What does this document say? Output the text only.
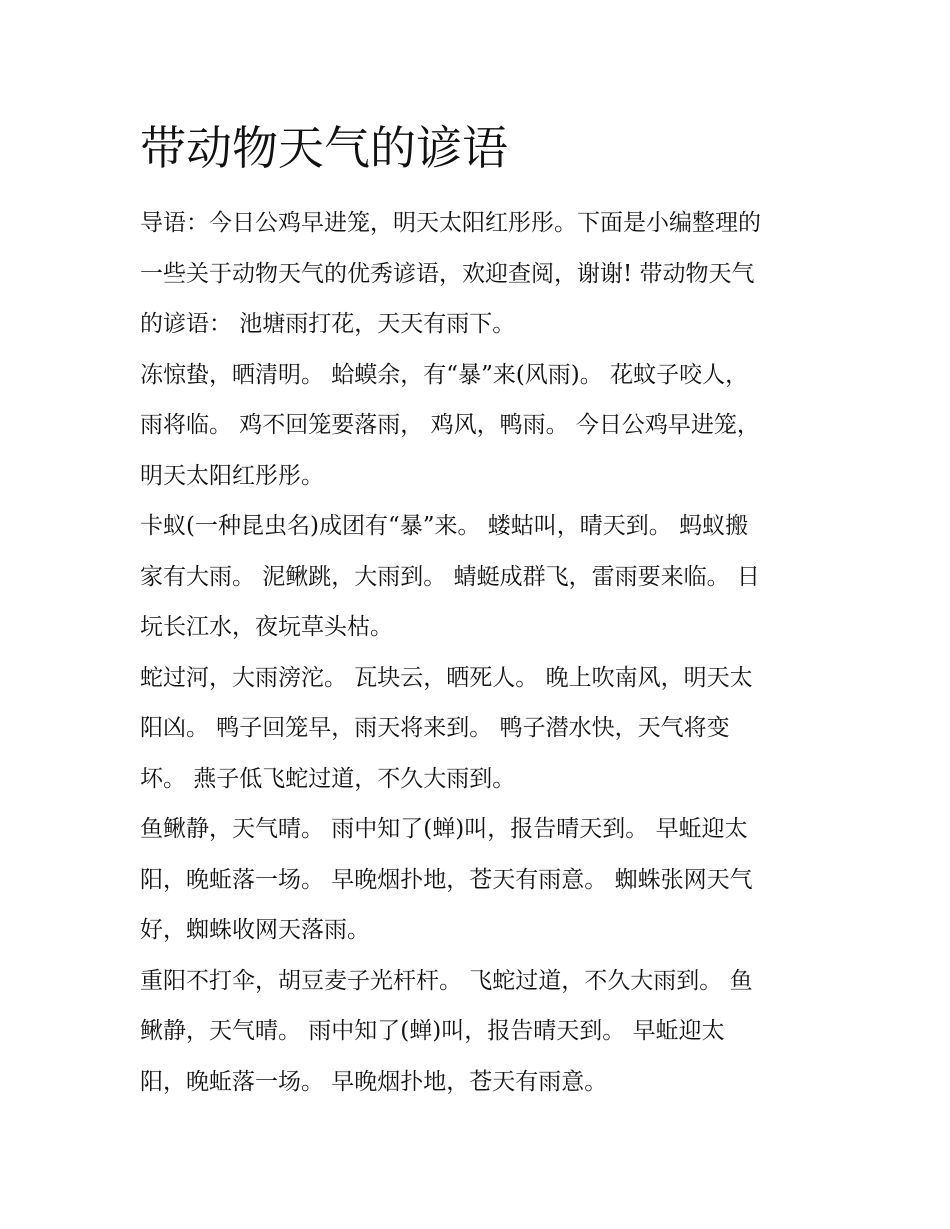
带动物天气的谚语
导语：今日公鸡早进笼，明天太阳红彤彤。下面是小编整理的
一些关于动物天气的优秀谚语，欢迎查阅，谢谢! 带动物天气
的谚语： 池塘雨打花，天天有雨下。
冻惊蛰，晒清明。 蛤蟆余，有“暴”来(风雨)。 花蚊子咬人，
雨将临。 鸡不回笼要落雨， 鸡风，鸭雨。 今日公鸡早进笼，
明天太阳红彤彤。
卡蚁(一种昆虫名)成团有“暴”来。 蝼蛄叫，晴天到。 蚂蚁搬
家有大雨。 泥鳅跳，大雨到。 蜻蜓成群飞，雷雨要来临。 日
坃长江水，夜坃草头枯。
蛇过河，大雨滂沱。 瓦块云，晒死人。 晚上吹南风，明天太
阳凶。 鸭子回笼早，雨天将来到。 鸭子潜水快，天气将变
坏。 燕子低飞蛇过道，不久大雨到。
鱼鳅静，天气晴。 雨中知了(蝉)叫，报告晴天到。 早蚯迎太
阳，晚蚯落一场。 早晚烟扑地，苍天有雨意。 蜘蛛张网天气
好，蜘蛛收网天落雨。
重阳不打伞，胡豆麦子光杆杆。 飞蛇过道，不久大雨到。 鱼
鳅静，天气晴。 雨中知了(蝉)叫，报告晴天到。 早蚯迎太
阳，晚蚯落一场。 早晚烟扑地，苍天有雨意。
